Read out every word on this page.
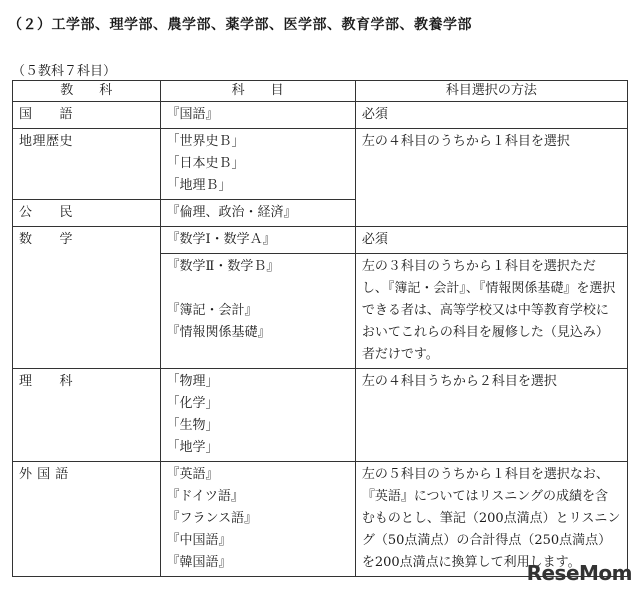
（２）工学部、理学部、農学部、薬学部、医学部、教育学部、教養学部
（５教科７科目）
教　　科	科　　目	科目選択の方法
国　　語	『国語』	必須
地理歴史	「世界史Ｂ」
「日本史Ｂ」
「地理Ｂ」	左の４科目のうちから１科目を選択
公　　民	『倫理、政治・経済』	

数　　学	『数学Ⅰ・数学Ａ』	必須

	『数学Ⅱ・数学Ｂ』
『簿記・会計』
『情報関係基礎』	左の３科目のうちから１科目を選択ただし、『簿記・会計』、『情報関係基礎』を選択できる者は、高等学校又は中等教育学校においてこれらの科目を履修した（見込み）者だけです。
理　　科	「物理」
「化学」
「生物」
「地学」	左の４科目うちから２科目を選択
外 国 語	『英語』
『ドイツ語』
『フランス語』
『中国語』
『韓国語』	左の５科目のうちから１科目を選択なお、『英語』についてはリスニングの成績を含むものとし、筆記（200点満点）とリスニング（50点満点）の合計得点（250点満点）を200点満点に換算して利用します。
ReseMom
